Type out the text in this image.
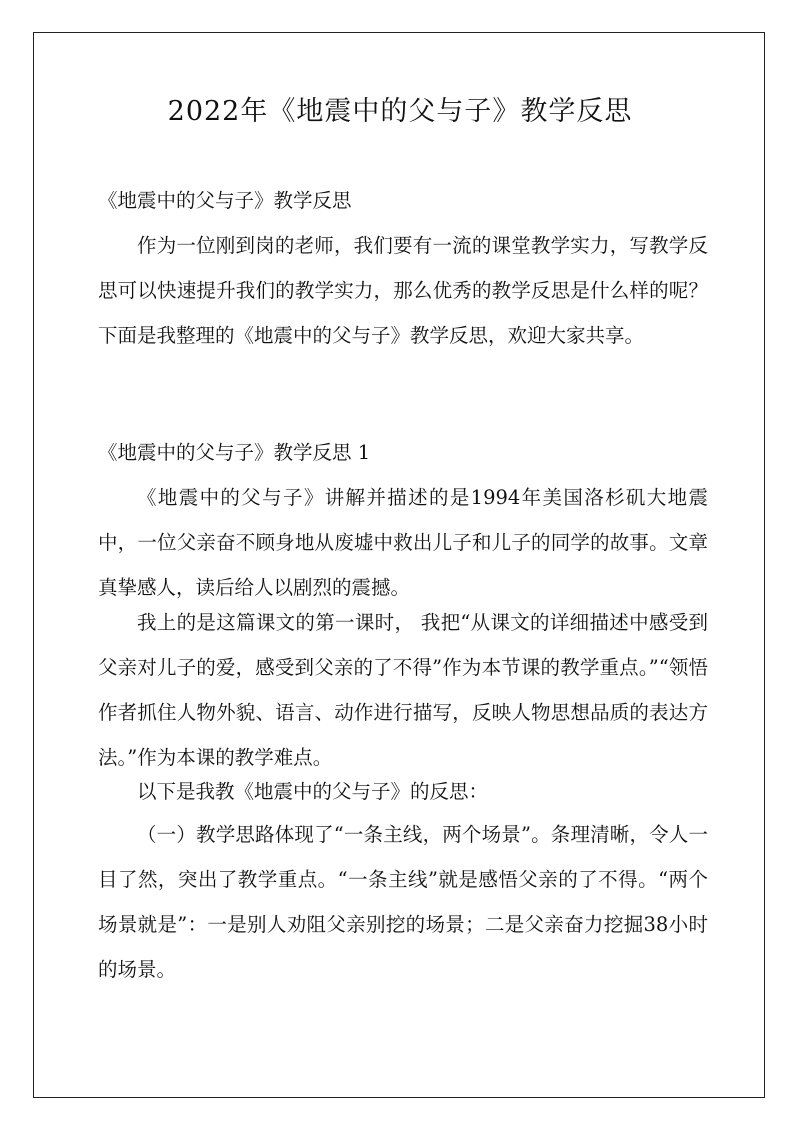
2022年《地震中的父与子》教学反思

《地震中的父与子》教学反思

作为一位刚到岗的老师，我们要有一流的课堂教学实力，写教学反思可以快速提升我们的教学实力，那么优秀的教学反思是什么样的呢？下面是我整理的《地震中的父与子》教学反思，欢迎大家共享。

《地震中的父与子》教学反思 1

《地震中的父与子》讲解并描述的是1994年美国洛杉矶大地震中，一位父亲奋不顾身地从废墟中救出儿子和儿子的同学的故事。文章真挚感人，读后给人以剧烈的震撼。

我上的是这篇课文的第一课时， 我把“从课文的详细描述中感受到父亲对儿子的爱，感受到父亲的了不得”作为本节课的教学重点。”“领悟作者抓住人物外貌、语言、动作进行描写，反映人物思想品质的表达方法。”作为本课的教学难点。

以下是我教《地震中的父与子》的反思：

（一）教学思路体现了“一条主线，两个场景”。条理清晰，令人一目了然，突出了教学重点。“一条主线”就是感悟父亲的了不得。“两个场景就是”：一是别人劝阻父亲别挖的场景；二是父亲奋力挖掘38小时的场景。
